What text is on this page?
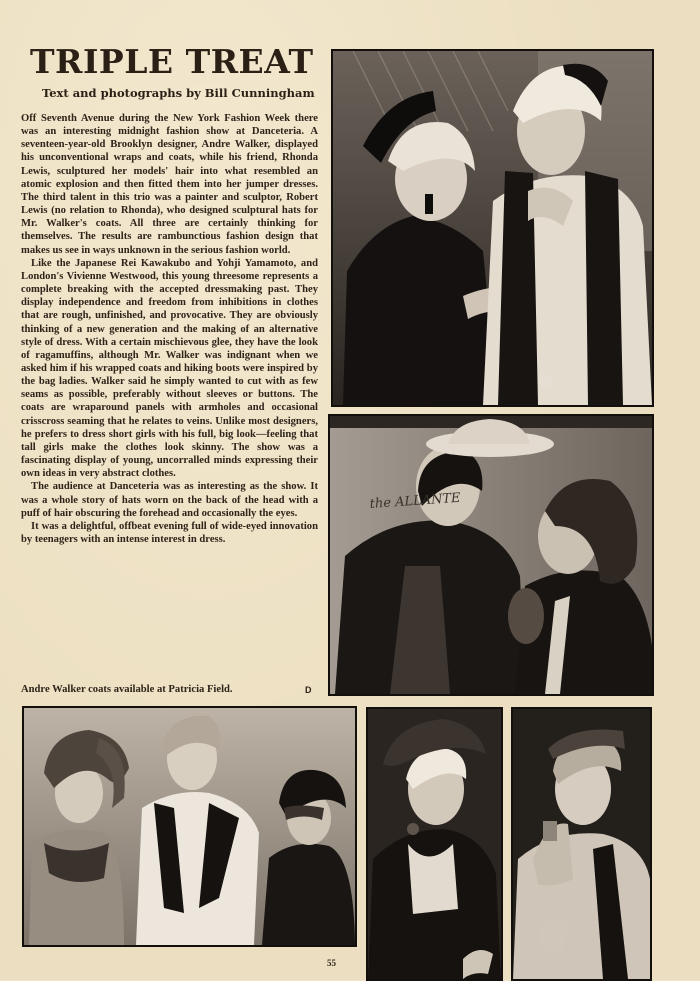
TRIPLE TREAT
Text and photographs by Bill Cunningham

Off Seventh Avenue during the New York Fashion Week there was an interesting midnight fashion show at Danceteria. A seventeen-year-old Brooklyn designer, Andre Walker, displayed his unconventional wraps and coats, while his friend, Rhonda Lewis, sculptured her models' hair into what resembled an atomic explosion and then fitted them into her jumper dresses. The third talent in this trio was a painter and sculptor, Robert Lewis (no relation to Rhonda), who designed sculptural hats for Mr. Walker's coats. All three are certainly thinking for themselves. The results are rambunctious fashion design that makes us see in ways unknown in the serious fashion world.

Like the Japanese Rei Kawakubo and Yohji Yamamoto, and London's Vivienne Westwood, this young threesome represents a complete breaking with the accepted dressmaking past. They display independence and freedom from inhibitions in clothes that are rough, unfinished, and provocative. They are obviously thinking of a new generation and the making of an alternative style of dress. With a certain mischievous glee, they have the look of ragamuffins, although Mr. Walker was indignant when we asked him if his wrapped coats and hiking boots were inspired by the bag ladies. Walker said he simply wanted to cut with as few seams as possible, preferably without sleeves or buttons. The coats are wraparound panels with armholes and occasional crisscross seaming that he relates to veins. Unlike most designers, he prefers to dress short girls with his full, big look—feeling that tall girls make the clothes look skinny. The show was a fascinating display of young, uncorralled minds expressing their own ideas in very abstract clothes.

The audience at Danceteria was as interesting as the show. It was a whole story of hats worn on the back of the head with a puff of hair obscuring the forehead and occasionally the eyes.

It was a delightful, offbeat evening full of wide-eyed innovation by teenagers with an intense interest in dress.

Andre Walker coats available at Patricia Field.	D
the ALLANTE
55
